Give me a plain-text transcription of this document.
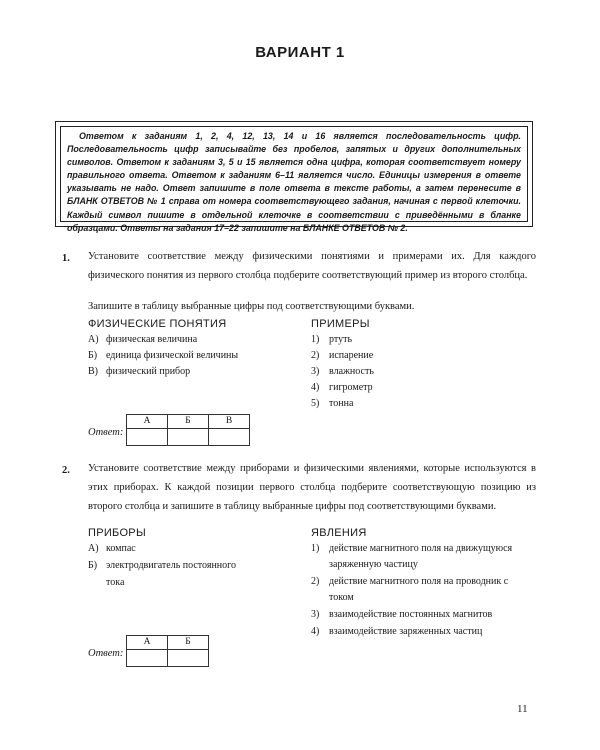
ВАРИАНТ 1
Ответом к заданиям 1, 2, 4, 12, 13, 14 и 16 является последовательность цифр. Последовательность цифр записывайте без пробелов, запятых и других дополнительных символов. Ответом к заданиям 3, 5 и 15 является одна цифра, которая соответствует номеру правильного ответа. Ответом к заданиям 6–11 является число. Единицы измерения в ответе указывать не надо. Ответ запишите в поле ответа в тексте работы, а затем перенесите в БЛАНК ОТВЕТОВ № 1 справа от номера соответствующего задания, начиная с первой клеточки. Каждый символ пишите в отдельной клеточке в соответствии с приведёнными в бланке образцами. Ответы на задания 17–22 запишите на БЛАНКЕ ОТВЕТОВ № 2.
1. Установите соответствие между физическими понятиями и примерами их. Для каждого физического понятия из первого столбца подберите соответствующий пример из второго столбца.
Запишите в таблицу выбранные цифры под соответствующими буквами.
ФИЗИЧЕСКИЕ ПОНЯТИЯ	ПРИМЕРЫ
А) физическая величина
Б) единица физической величины
В) физический прибор
1) ртуть
2) испарение
3) влажность
4) гигрометр
5) тонна
Ответ:
А	Б	В

2. Установите соответствие между приборами и физическими явлениями, которые используются в этих приборах. К каждой позиции первого столбца подберите соответствующую позицию из второго столбца и запишите в таблицу выбранные цифры под соответствующими буквами.
ПРИБОРЫ	ЯВЛЕНИЯ
А) компас
Б) электродвигатель постоянного тока
1) действие магнитного поля на движущуюся заряженную частицу
2) действие магнитного поля на проводник с током
3) взаимодействие постоянных магнитов
4) взаимодействие заряженных частиц
Ответ:
А	Б

11
